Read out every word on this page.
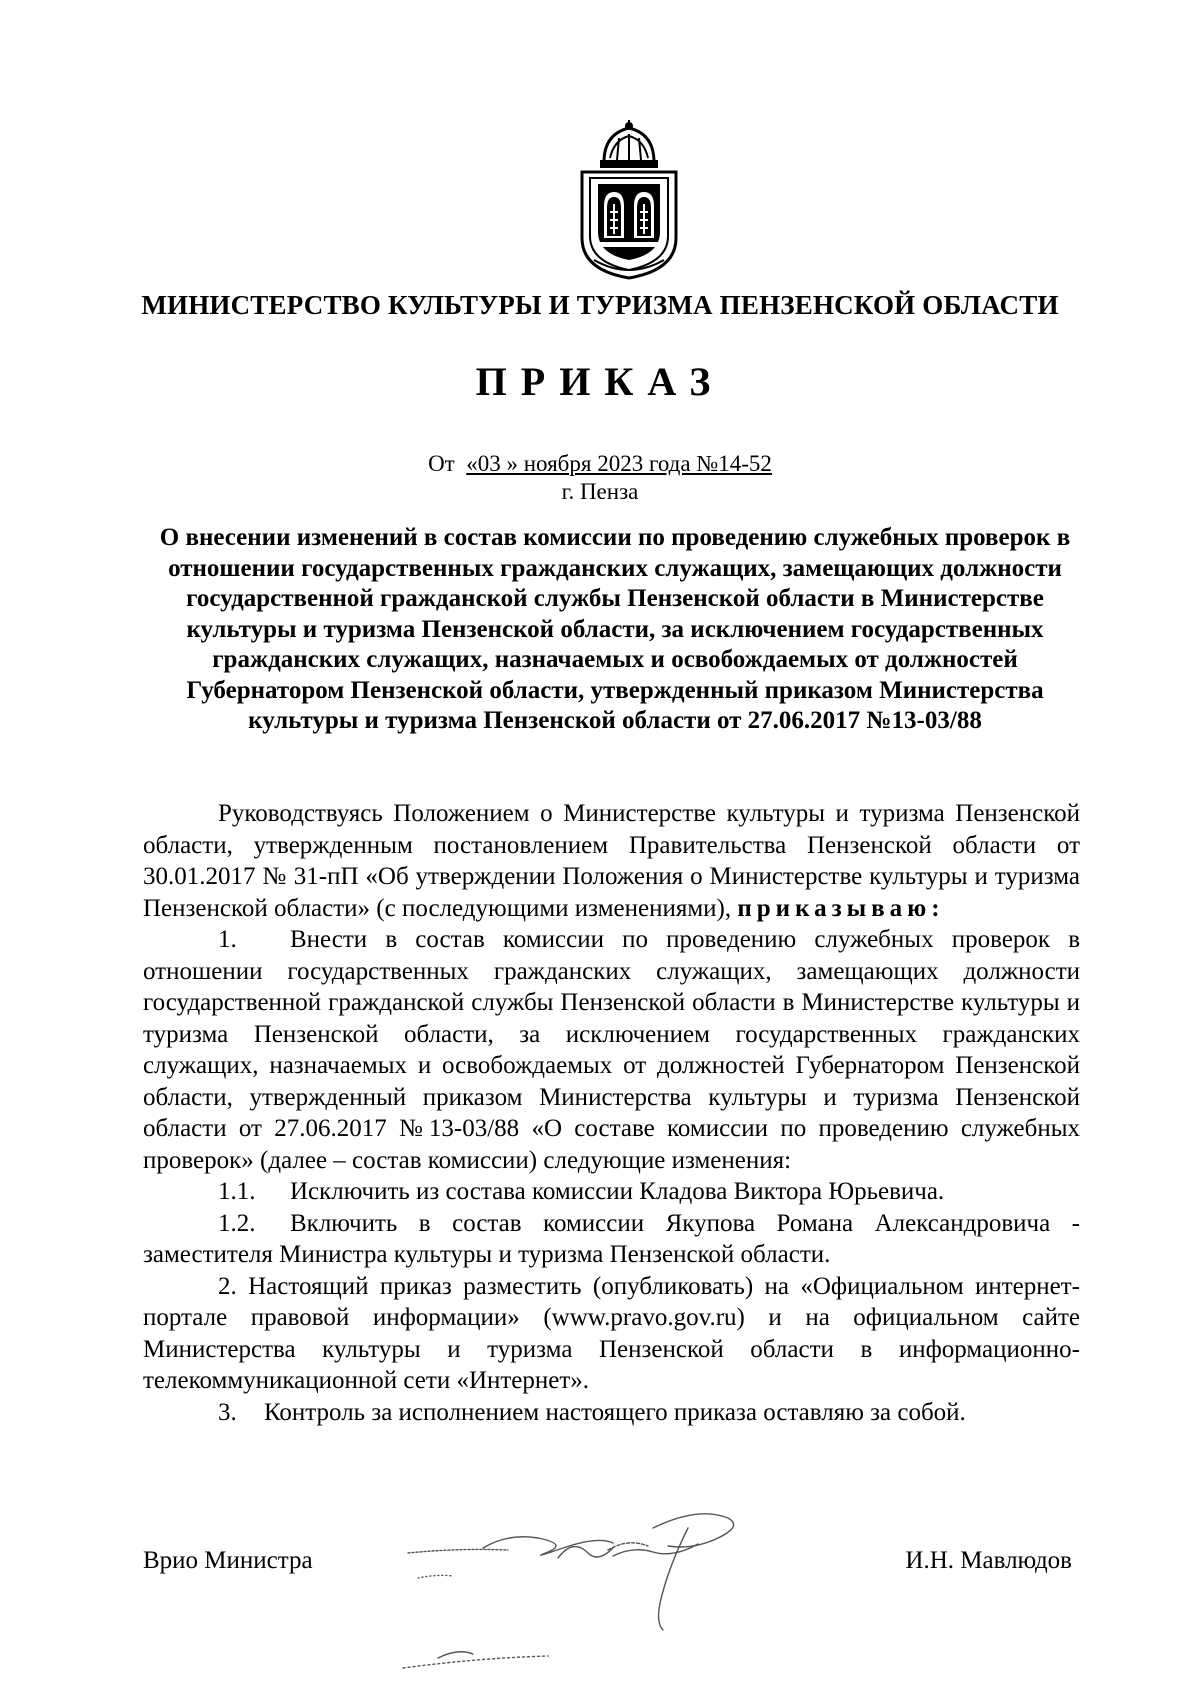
МИНИСТЕРСТВО КУЛЬТУРЫ И ТУРИЗМА ПЕНЗЕНСКОЙ ОБЛАСТИ
ПРИКАЗ
От «03 » ноября 2023 года №14-52
г. Пенза
О внесении изменений в состав комиссии по проведению служебных проверок в отношении государственных гражданских служащих, замещающих должности государственной гражданской службы Пензенской области в Министерстве культуры и туризма Пензенской области, за исключением государственных гражданских служащих, назначаемых и освобождаемых от должностей Губернатором Пензенской области, утвержденный приказом Министерства культуры и туризма Пензенской области от 27.06.2017 №13-03/88

Руководствуясь Положением о Министерстве культуры и туризма Пензенской области, утвержденным постановлением Правительства Пензенской области от 30.01.2017 № 31-пП «Об утверждении Положения о Министерстве культуры и туризма Пензенской области» (с последующими изменениями), приказываю:

1. Внести в состав комиссии по проведению служебных проверок в отношении государственных гражданских служащих, замещающих должности государственной гражданской службы Пензенской области в Министерстве культуры и туризма Пензенской области, за исключением государственных гражданских служащих, назначаемых и освобождаемых от должностей Губернатором Пензенской области, утвержденный приказом Министерства культуры и туризма Пензенской области от 27.06.2017 №13-03/88 «О составе комиссии по проведению служебных проверок» (далее – состав комиссии) следующие изменения:

1.1. Исключить из состава комиссии Кладова Виктора Юрьевича.

1.2. Включить в состав комиссии Якупова Романа Александровича - заместителя Министра культуры и туризма Пензенской области.

2. Настоящий приказ разместить (опубликовать) на «Официальном интернет-портале правовой информации» (www.pravo.gov.ru) и на официальном сайте Министерства культуры и туризма Пензенской области в информационно-телекоммуникационной сети «Интернет».

3. Контроль за исполнением настоящего приказа оставляю за собой.

Врио Министра	И.Н. Мавлюдов
